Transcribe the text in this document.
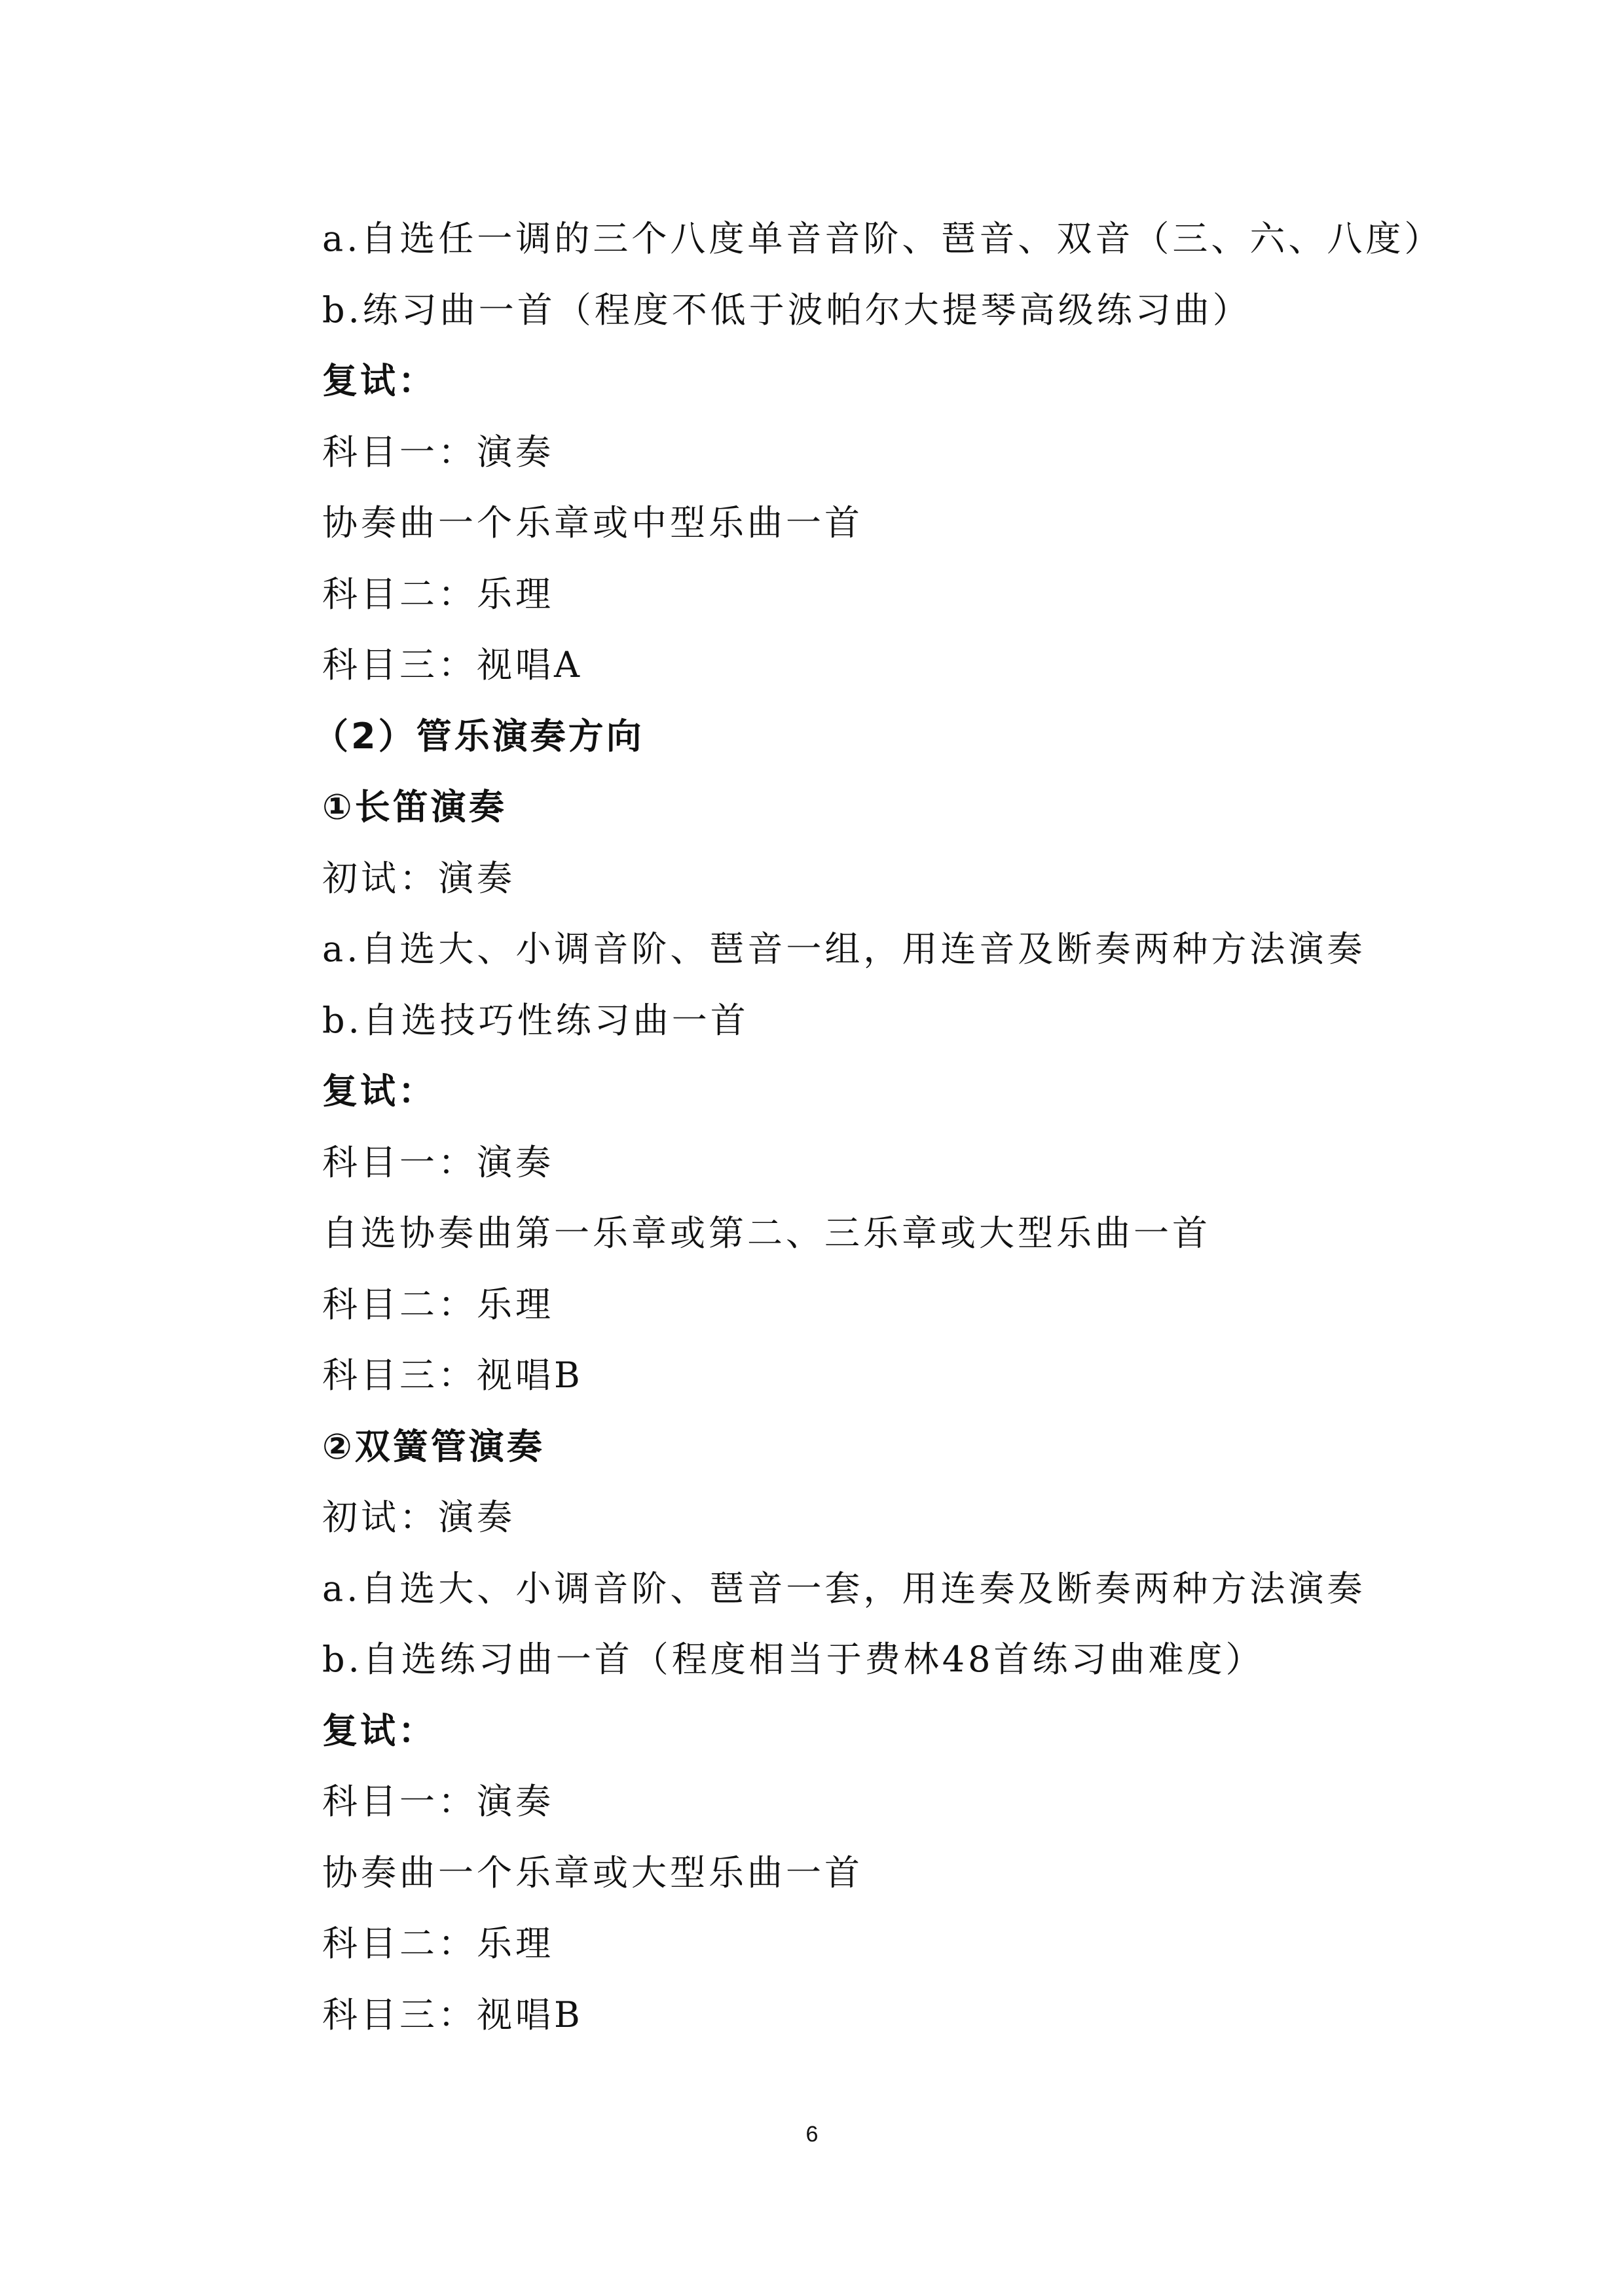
a.自选任一调的三个八度单音音阶、琶音、双音（三、六、八度）
b.练习曲一首（程度不低于波帕尔大提琴高级练习曲）
复试：
科目一：演奏
协奏曲一个乐章或中型乐曲一首
科目二：乐理
科目三：视唱A
（2）管乐演奏方向
①长笛演奏
初试：演奏
a.自选大、小调音阶、琶音一组，用连音及断奏两种方法演奏
b.自选技巧性练习曲一首
复试：
科目一：演奏
自选协奏曲第一乐章或第二、三乐章或大型乐曲一首
科目二：乐理
科目三：视唱B
②双簧管演奏
初试：演奏
a.自选大、小调音阶、琶音一套，用连奏及断奏两种方法演奏
b.自选练习曲一首（程度相当于费林48首练习曲难度）
复试：
科目一：演奏
协奏曲一个乐章或大型乐曲一首
科目二：乐理
科目三：视唱B
6
